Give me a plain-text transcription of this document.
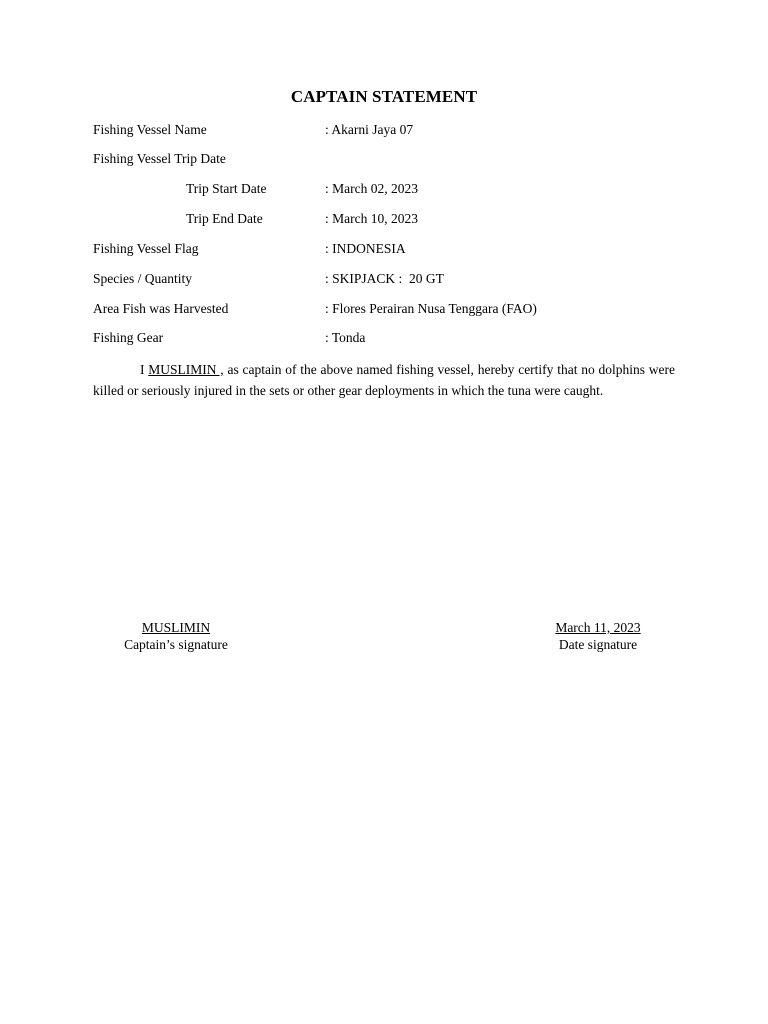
CAPTAIN STATEMENT
Fishing Vessel Name	: Akarni Jaya 07
Fishing Vessel Trip Date
Trip Start Date	: March 02, 2023
Trip End Date	: March 10, 2023
Fishing Vessel Flag	: INDONESIA
Species / Quantity	: SKIPJACK :  20 GT
Area Fish was Harvested	: Flores Perairan Nusa Tenggara (FAO)
Fishing Gear	: Tonda
I MUSLIMIN , as captain of the above named fishing vessel, hereby certify that no dolphins were killed or seriously injured in the sets or other gear deployments in which the tuna were caught.
MUSLIMIN
Captain’s signature
March 11, 2023
Date signature
